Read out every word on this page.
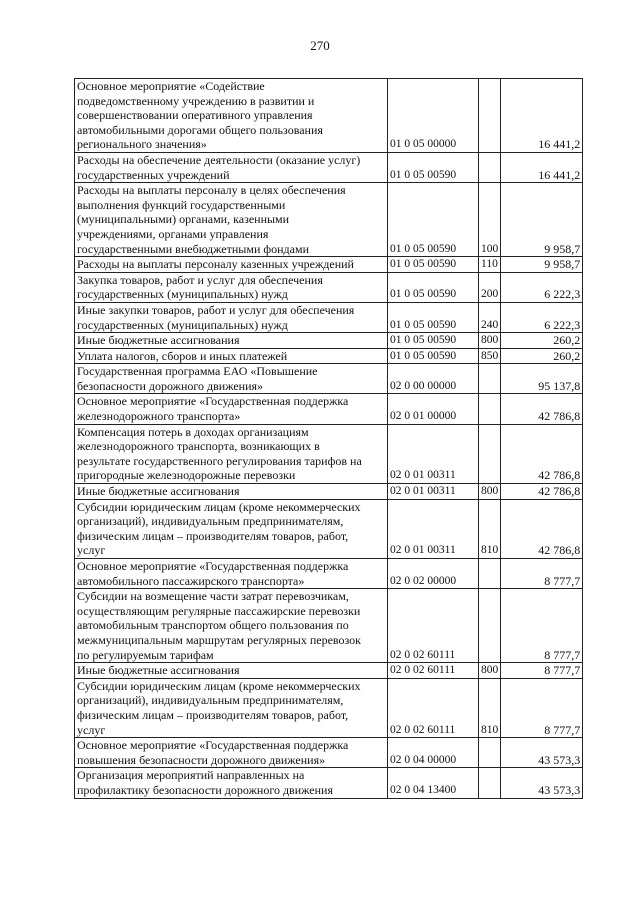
270
Основное мероприятие «Содействие
подведомственному учреждению в развитии и
совершенствовании оперативного управления
автомобильными дорогами общего пользования
регионального значения»	01 0 05 00000		16 441,2
Расходы на обеспечение деятельности (оказание услуг)
государственных учреждений	01 0 05 00590		16 441,2
Расходы на выплаты персоналу в целях обеспечения
выполнения функций государственными
(муниципальными) органами, казенными
учреждениями, органами управления
государственными внебюджетными фондами	01 0 05 00590	100	9 958,7
Расходы на выплаты персоналу казенных учреждений	01 0 05 00590	110	9 958,7
Закупка товаров, работ и услуг для обеспечения
государственных (муниципальных) нужд	01 0 05 00590	200	6 222,3
Иные закупки товаров, работ и услуг для обеспечения
государственных (муниципальных) нужд	01 0 05 00590	240	6 222,3
Иные бюджетные ассигнования	01 0 05 00590	800	260,2
Уплата налогов, сборов и иных платежей	01 0 05 00590	850	260,2
Государственная программа ЕАО «Повышение
безопасности дорожного движения»	02 0 00 00000		95 137,8
Основное мероприятие «Государственная поддержка
железнодорожного транспорта»	02 0 01 00000		42 786,8
Компенсация потерь в доходах организациям
железнодорожного транспорта, возникающих в
результате государственного регулирования тарифов на
пригородные железнодорожные перевозки	02 0 01 00311		42 786,8
Иные бюджетные ассигнования	02 0 01 00311	800	42 786,8
Субсидии юридическим лицам (кроме некоммерческих
организаций), индивидуальным предпринимателям,
физическим лицам – производителям товаров, работ,
услуг	02 0 01 00311	810	42 786,8
Основное мероприятие «Государственная поддержка
автомобильного пассажирского транспорта»	02 0 02 00000		8 777,7
Субсидии на возмещение части затрат перевозчикам,
осуществляющим регулярные пассажирские перевозки
автомобильным транспортом общего пользования по
межмуниципальным маршрутам регулярных перевозок
по регулируемым тарифам	02 0 02 60111		8 777,7
Иные бюджетные ассигнования	02 0 02 60111	800	8 777,7
Субсидии юридическим лицам (кроме некоммерческих
организаций), индивидуальным предпринимателям,
физическим лицам – производителям товаров, работ,
услуг	02 0 02 60111	810	8 777,7
Основное мероприятие «Государственная поддержка
повышения безопасности дорожного движения»	02 0 04 00000		43 573,3
Организация мероприятий направленных на
профилактику безопасности дорожного движения	02 0 04 13400		43 573,3
